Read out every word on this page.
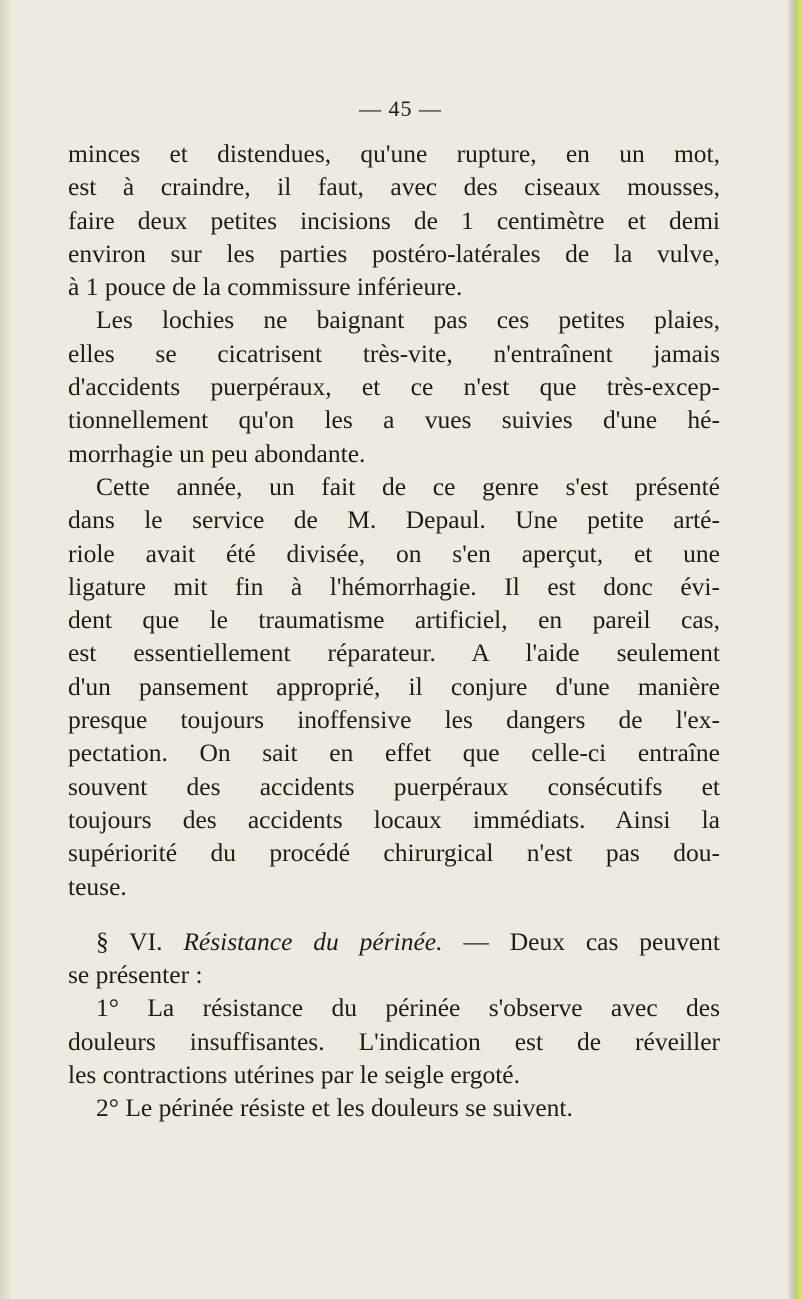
— 45 —
minces et distendues, qu'une rupture, en un mot,
est à craindre, il faut, avec des ciseaux mousses,
faire deux petites incisions de 1 centimètre et demi
environ sur les parties postéro-latérales de la vulve,
à 1 pouce de la commissure inférieure.
Les lochies ne baignant pas ces petites plaies,
elles se cicatrisent très-vite, n'entraînent jamais
d'accidents puerpéraux, et ce n'est que très-excep-
tionnellement qu'on les a vues suivies d'une hé-
morrhagie un peu abondante.
Cette année, un fait de ce genre s'est présenté
dans le service de M. Depaul. Une petite arté-
riole avait été divisée, on s'en aperçut, et une
ligature mit fin à l'hémorrhagie. Il est donc évi-
dent que le traumatisme artificiel, en pareil cas,
est essentiellement réparateur. A l'aide seulement
d'un pansement approprié, il conjure d'une manière
presque toujours inoffensive les dangers de l'ex-
pectation. On sait en effet que celle-ci entraîne
souvent des accidents puerpéraux consécutifs et
toujours des accidents locaux immédiats. Ainsi la
supériorité du procédé chirurgical n'est pas dou-
teuse.
§ VI. Résistance du périnée. — Deux cas peuvent
se présenter :
1° La résistance du périnée s'observe avec des
douleurs insuffisantes. L'indication est de réveiller
les contractions utérines par le seigle ergoté.
2° Le périnée résiste et les douleurs se suivent.
